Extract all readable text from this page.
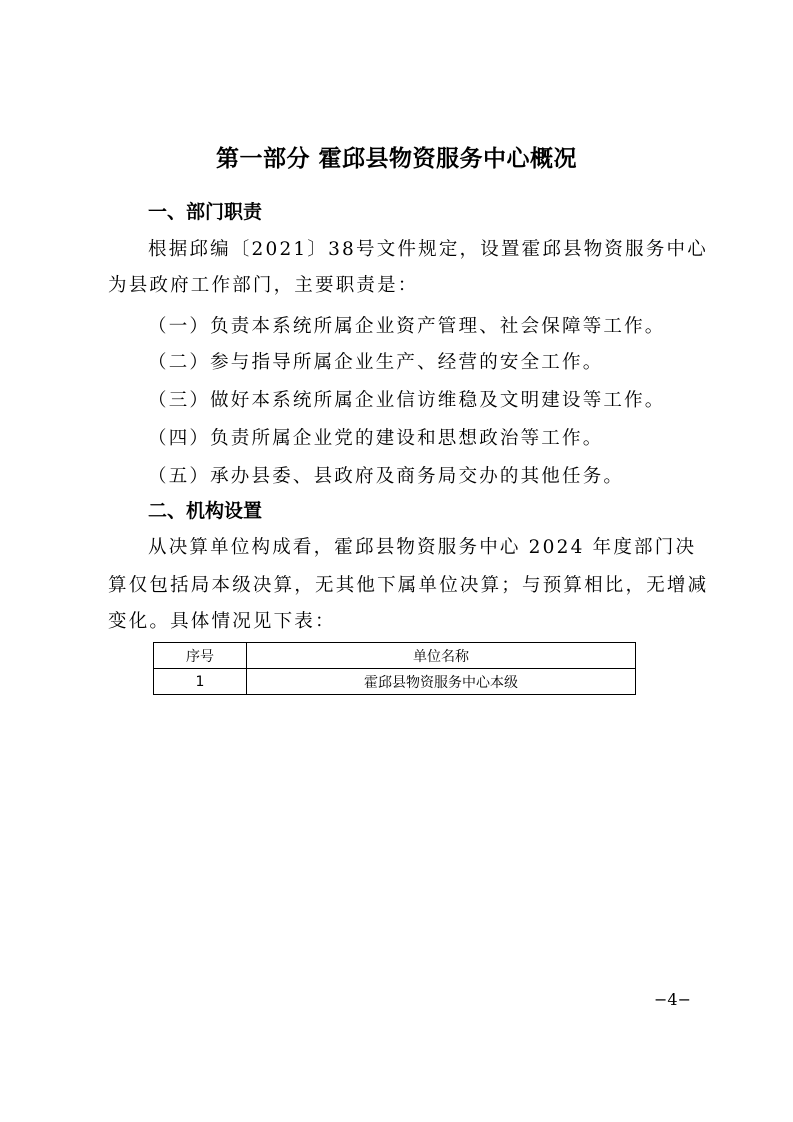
第一部分 霍邱县物资服务中心概况
一、部门职责

根据邱编〔2021〕38号文件规定，设置霍邱县物资服务中心

为县政府工作部门，主要职责是：

（一）负责本系统所属企业资产管理、社会保障等工作。

（二）参与指导所属企业生产、经营的安全工作。

（三）做好本系统所属企业信访维稳及文明建设等工作。

（四）负责所属企业党的建设和思想政治等工作。

（五）承办县委、县政府及商务局交办的其他任务。

二、机构设置

从决算单位构成看，霍邱县物资服务中心 2024 年度部门决

算仅包括局本级决算，无其他下属单位决算；与预算相比，无增减

变化。具体情况见下表：

序号	单位名称
1	霍邱县物资服务中心本级
−4−
